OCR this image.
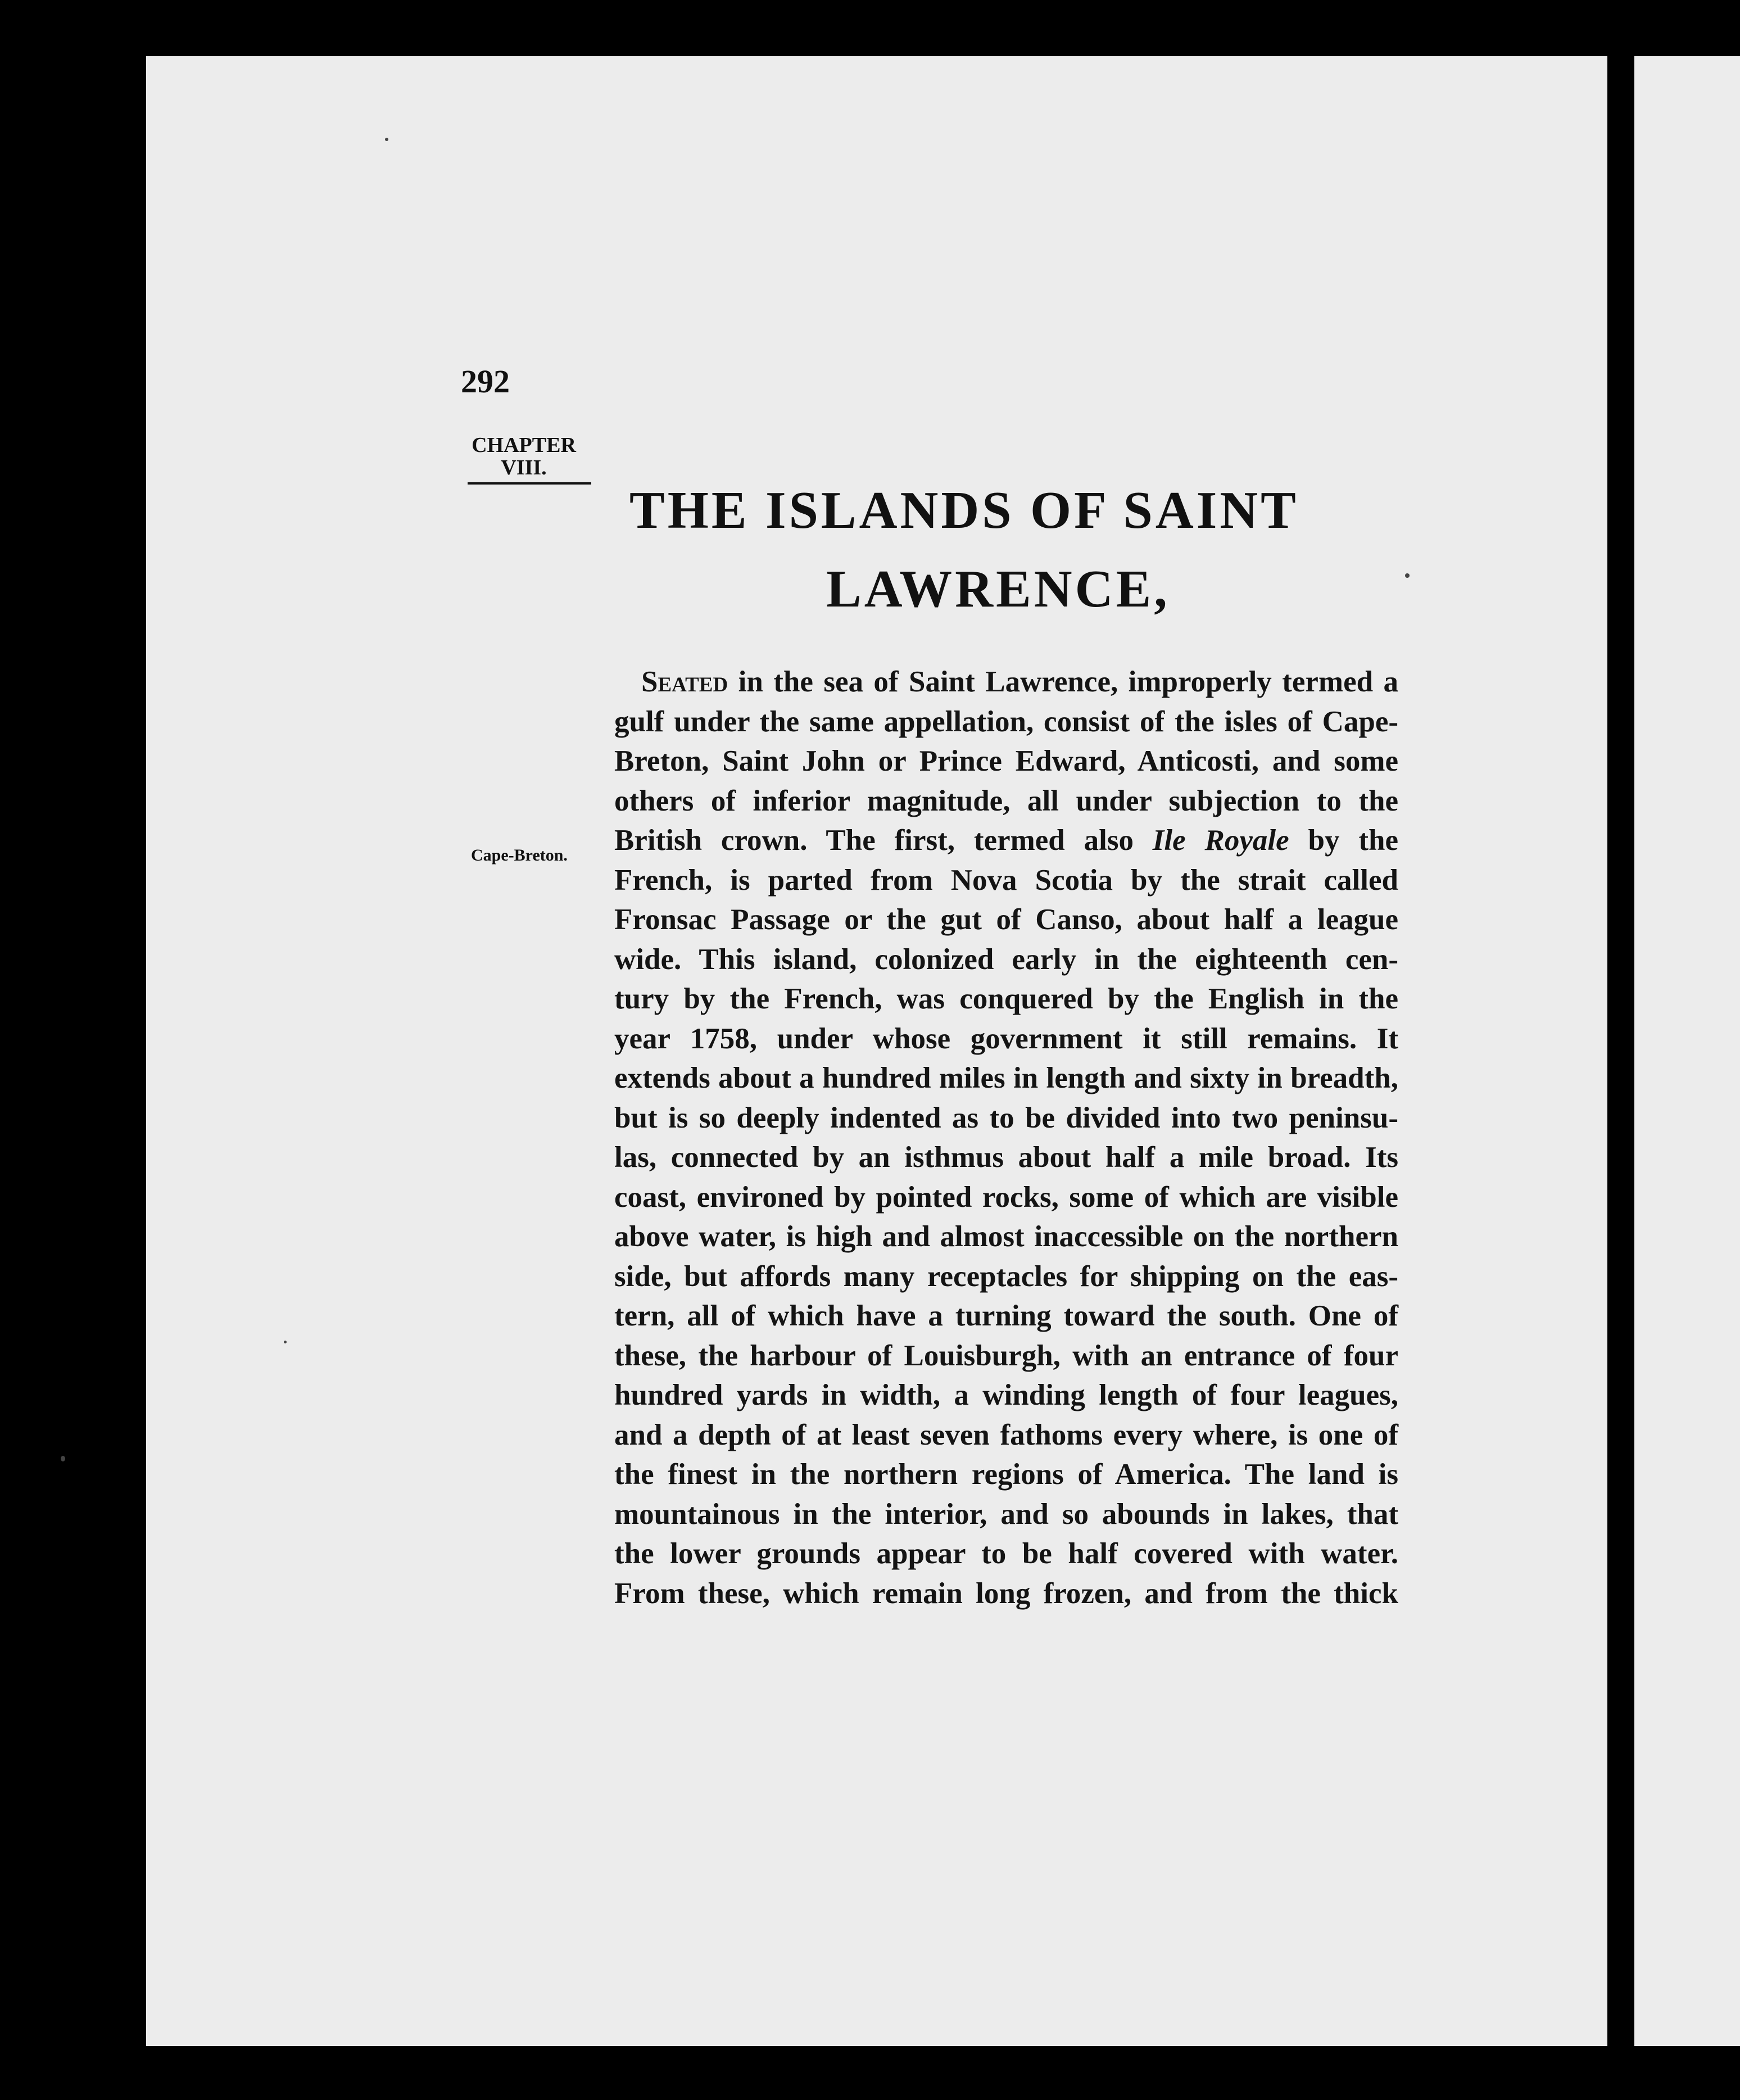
292
CHAPTER
VIII.
Cape-Breton.
THE ISLANDS OF SAINT
LAWRENCE,
Seated in the sea of Saint Lawrence, improperly termed a
gulf under the same appellation, consist of the isles of Cape-
Breton, Saint John or Prince Edward, Anticosti, and some
others of inferior magnitude, all under subjection to the
British crown. The first, termed also Ile Royale by the
French, is parted from Nova Scotia by the strait called
Fronsac Passage or the gut of Canso, about half a league
wide. This island, colonized early in the eighteenth cen-
tury by the French, was conquered by the English in the
year 1758, under whose government it still remains. It
extends about a hundred miles in length and sixty in breadth,
but is so deeply indented as to be divided into two peninsu-
las, connected by an isthmus about half a mile broad. Its
coast, environed by pointed rocks, some of which are visible
above water, is high and almost inaccessible on the northern
side, but affords many receptacles for shipping on the eas-
tern, all of which have a turning toward the south. One of
these, the harbour of Louisburgh, with an entrance of four
hundred yards in width, a winding length of four leagues,
and a depth of at least seven fathoms every where, is one of
the finest in the northern regions of America. The land is
mountainous in the interior, and so abounds in lakes, that
the lower grounds appear to be half covered with water.
From these, which remain long frozen, and from the thick
